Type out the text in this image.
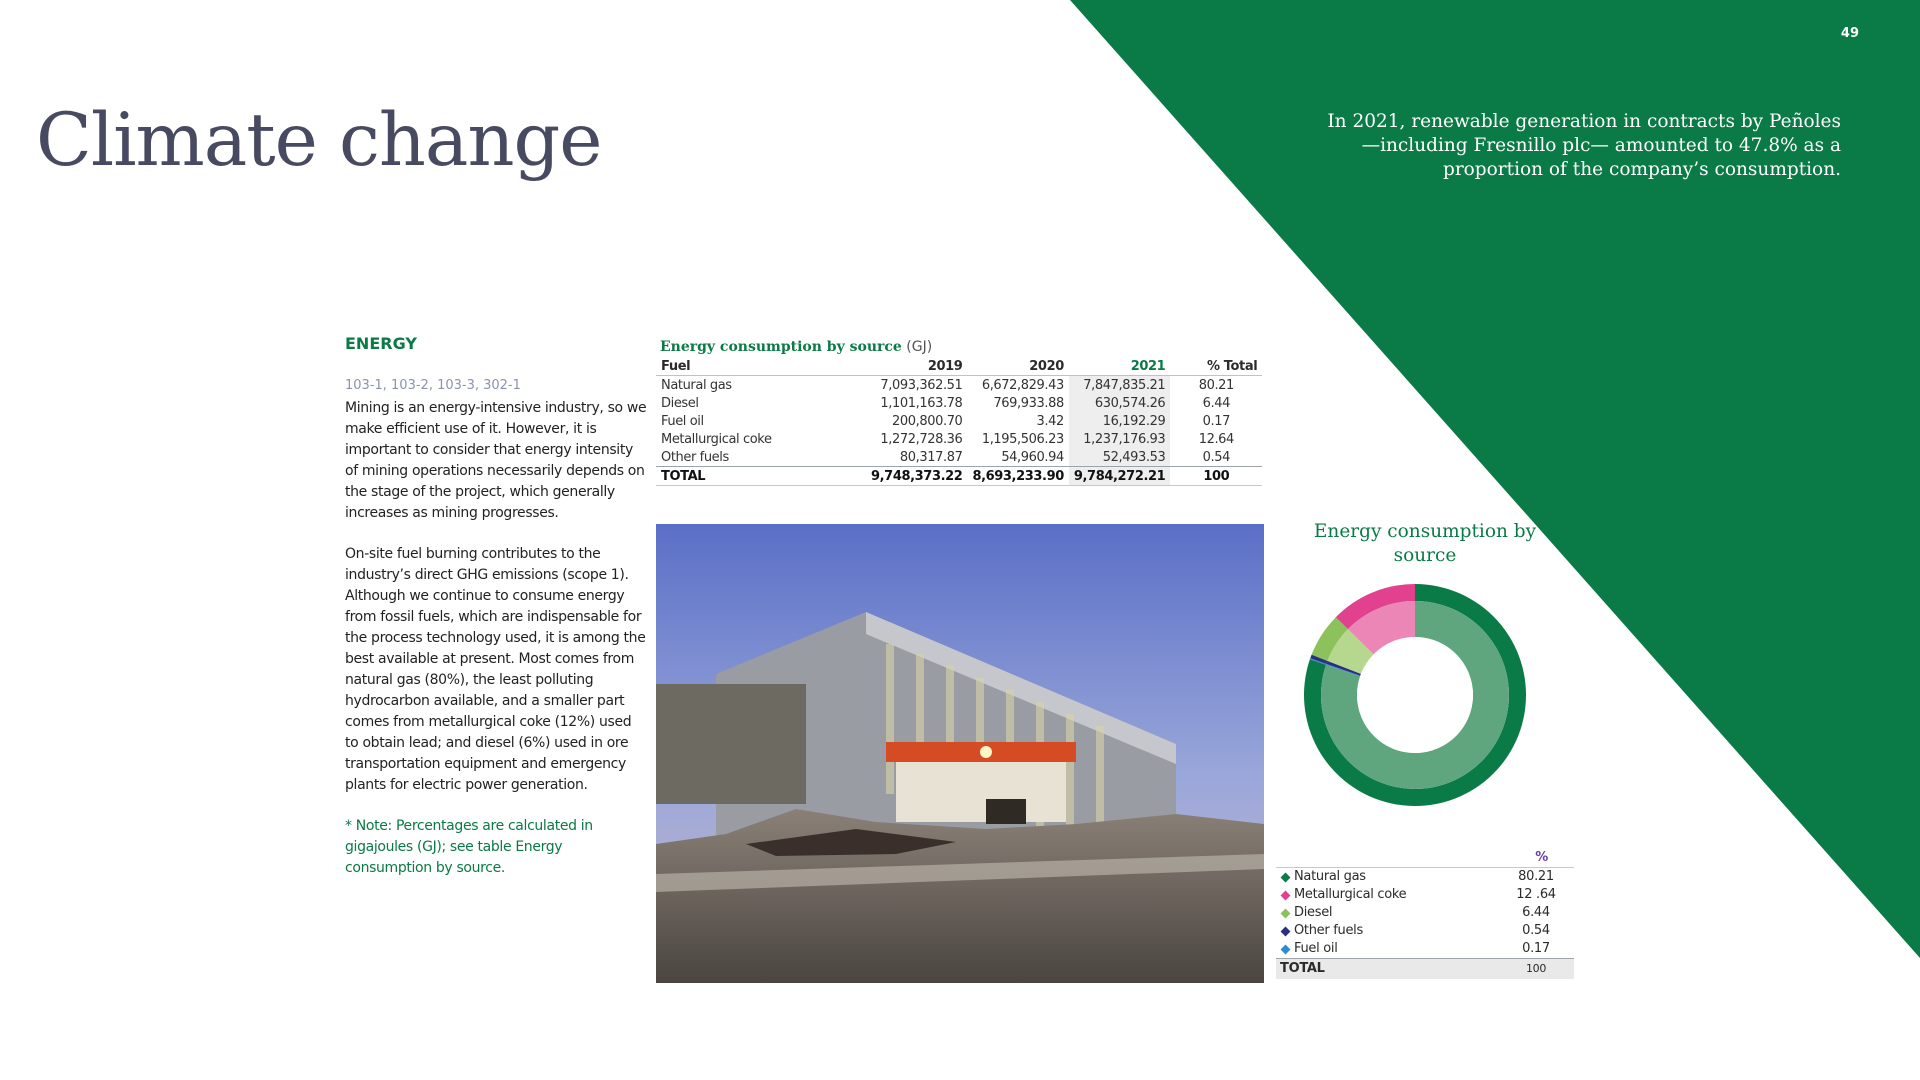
49
Climate change	In 2021, renewable generation in contracts by Peñoles —including Fresnillo plc— amounted to 47.8% as a proportion of the company’s consumption.
ENERGY
103-1, 103-2, 103-3, 302-1

Mining is an energy-intensive industry, so we make efficient use of it. However, it is important to consider that energy intensity of mining operations necessarily depends on the stage of the project, which generally increases as mining progresses.

On-site fuel burning contributes to the industry’s direct GHG emissions (scope 1). Although we continue to consume energy from fossil fuels, which are indispensable for the process technology used, it is among the best available at present. Most comes from natural gas (80%), the least polluting hydrocarbon available, and a smaller part comes from metallurgical coke (12%) used to obtain lead; and diesel (6%) used in ore transportation equipment and emergency plants for electric power generation.

* Note: Percentages are calculated in gigajoules (GJ); see table Energy consumption by source.

Energy consumption by source (GJ)
Fuel	2019	2020	2021	% Total
Natural gas	7,093,362.51	6,672,829.43	7,847,835.21	80.21
Diesel	1,101,163.78	769,933.88	630,574.26	6.44
Fuel oil	200,800.70	3.42	16,192.29	0.17
Metallurgical coke	1,272,728.36	1,195,506.23	1,237,176.93	12.64
Other fuels	80,317.87	54,960.94	52,493.53	0.54
TOTAL	9,748,373.22	8,693,233.90	9,784,272.21	100
Energy consumption by source
%
Natural gas	80.21
Metallurgical coke	12 .64
Diesel	6.44
Other fuels	0.54
Fuel oil	0.17
TOTAL	100
